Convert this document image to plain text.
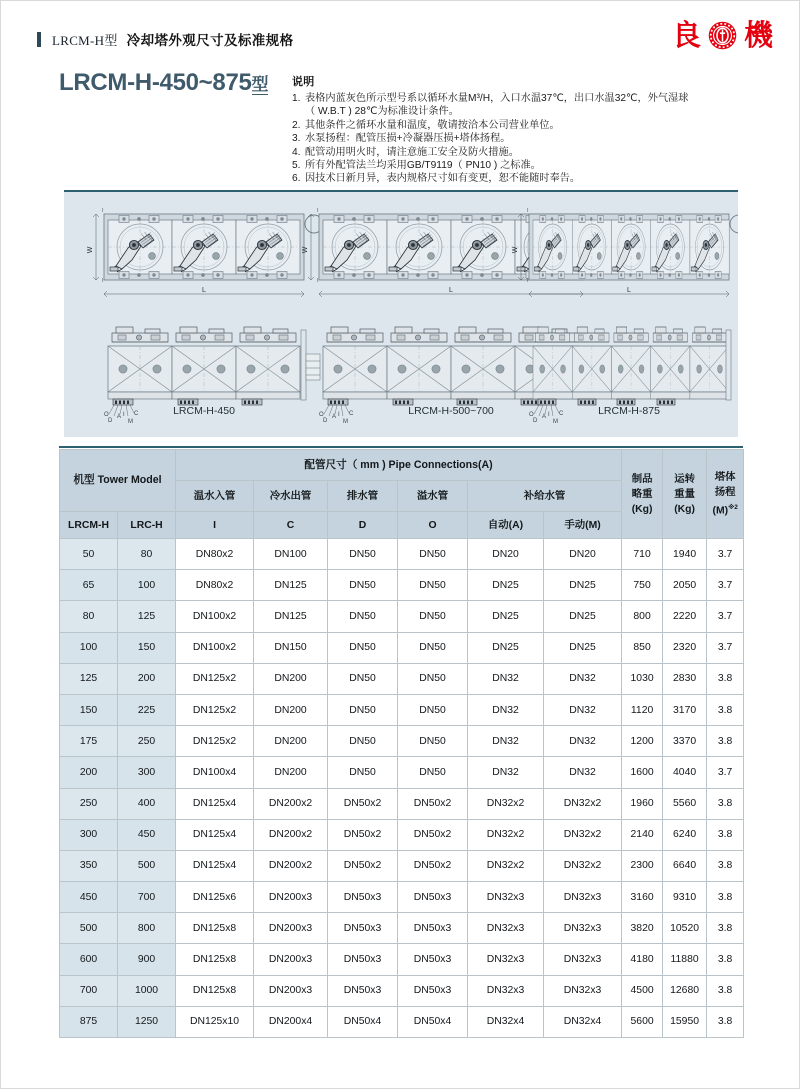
LRCM-H型 冷却塔外观尺寸及标准规格	良 機
LRCM-H-450~875型 说明
1. 表格内蓝灰色所示型号系以循环水量M³/H，入口水温37℃，出口水温32℃，外气湿球
（ W.B.T ) 28℃为标准设计条件。
2. 其他条件之循环水量和温度，敬请按洽本公司营业单位。
3. 水泵扬程：配管压损+冷凝器压损+塔体扬程。
4. 配管动用明火时，请注意施工安全及防火措施。
5. 所有外配管法兰均采用GB/T9119（ PN10 ) 之标准。
6. 因技术日新月异，表内规格尺寸如有变更，恕不能随时奉告。
W
L
I
I
O
D
A I C
M
LRCM-H-450
W
L
I
I
O
D
A I C
M
LRCM-H-500~700
W
L
I
I
O
D
A I C
M
LRCM-H-875
机型 Tower Model		配管尺寸（ mm ) Pipe Connections(A)						制品
略重
(Kg)	运转
重量
(Kg)	塔体
扬程
$(M)^{※2}$

		温水入管	冷水出管	排水管	溢水管	补给水管				
LRCM-H	LRC-H	I	C	D	O	自动(A)	手动(M)			
50	80	DN80x2	DN100	DN50	DN50	DN20	DN20	710	1940	3.7
65	100	DN80x2	DN125	DN50	DN50	DN25	DN25	750	2050	3.7
80	125	DN100x2	DN125	DN50	DN50	DN25	DN25	800	2220	3.7
100	150	DN100x2	DN150	DN50	DN50	DN25	DN25	850	2320	3.7
125	200	DN125x2	DN200	DN50	DN50	DN32	DN32	1030	2830	3.8
150	225	DN125x2	DN200	DN50	DN50	DN32	DN32	1120	3170	3.8
175	250	DN125x2	DN200	DN50	DN50	DN32	DN32	1200	3370	3.8
200	300	DN100x4	DN200	DN50	DN50	DN32	DN32	1600	4040	3.7
250	400	DN125x4	DN200x2	DN50x2	DN50x2	DN32x2	DN32x2	1960	5560	3.8
300	450	DN125x4	DN200x2	DN50x2	DN50x2	DN32x2	DN32x2	2140	6240	3.8
350	500	DN125x4	DN200x2	DN50x2	DN50x2	DN32x2	DN32x2	2300	6640	3.8
450	700	DN125x6	DN200x3	DN50x3	DN50x3	DN32x3	DN32x3	3160	9310	3.8
500	800	DN125x8	DN200x3	DN50x3	DN50x3	DN32x3	DN32x3	3820	10520	3.8
600	900	DN125x8	DN200x3	DN50x3	DN50x3	DN32x3	DN32x3	4180	11880	3.8
700	1000	DN125x8	DN200x3	DN50x3	DN50x3	DN32x3	DN32x3	4500	12680	3.8
875	1250	DN125x10	DN200x4	DN50x4	DN50x4	DN32x4	DN32x4	5600	15950	3.8
